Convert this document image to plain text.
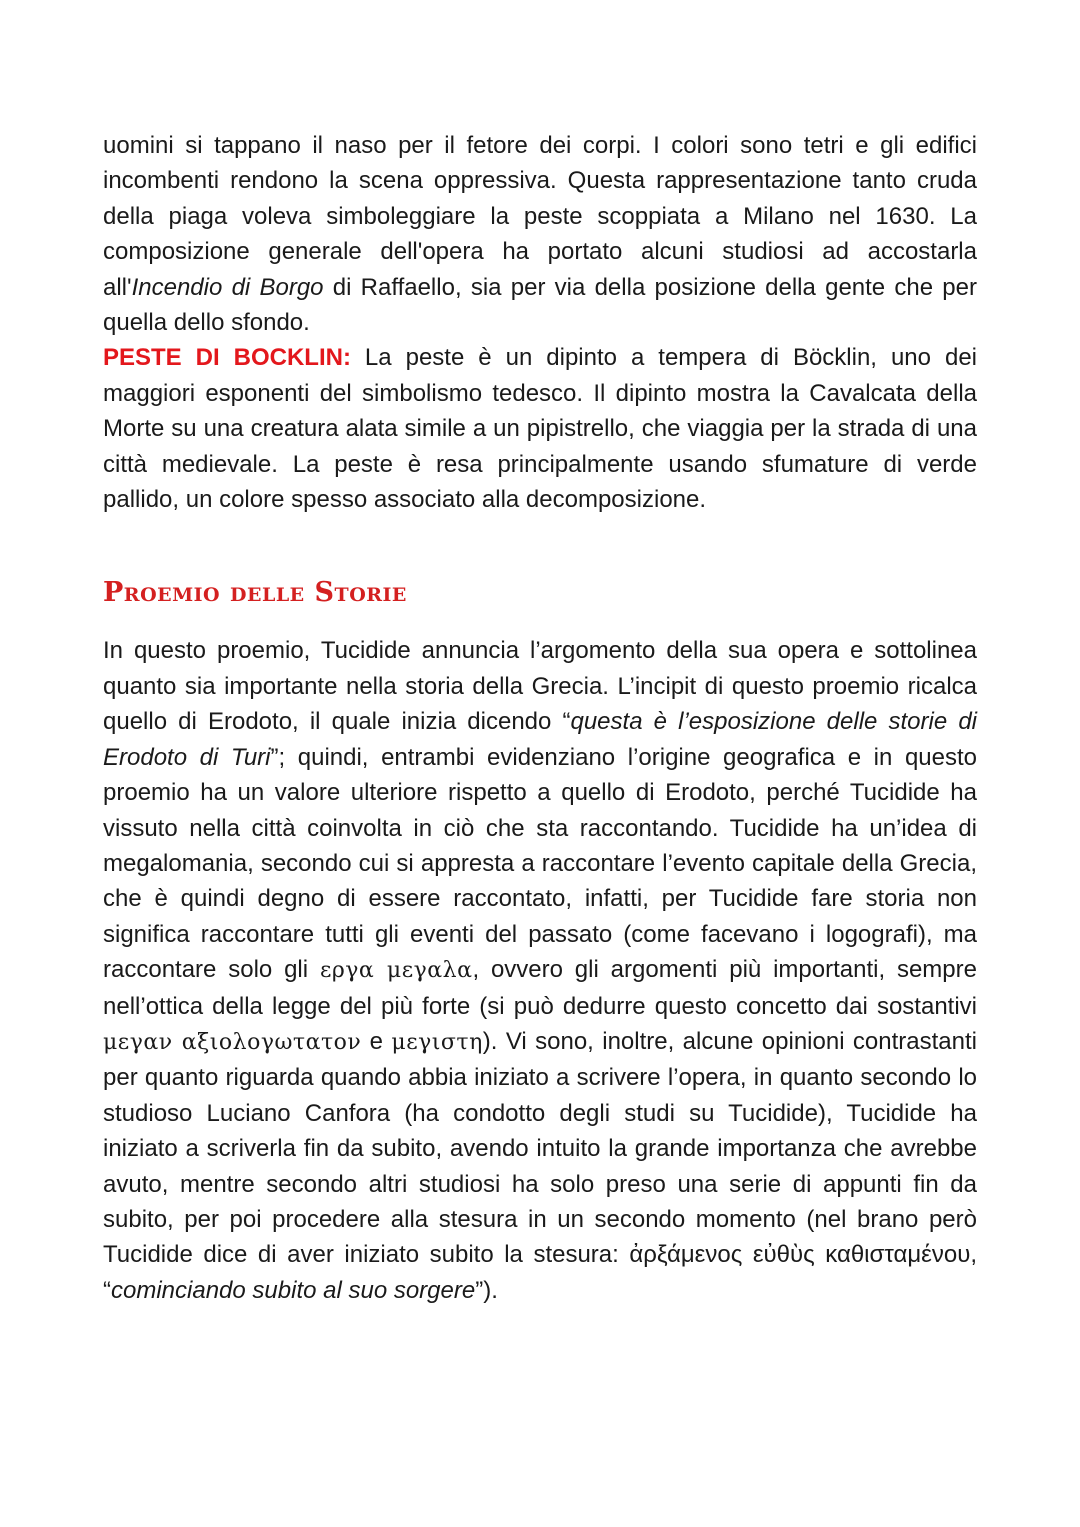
uomini si tappano il naso per il fetore dei corpi. I colori sono tetri e gli edifici incombenti rendono la scena oppressiva. Questa rappresentazione tanto cruda della piaga voleva simboleggiare la peste scoppiata a Milano nel 1630. La composizione generale dell'opera ha portato alcuni studiosi ad accostarla all'Incendio di Borgo di Raffaello, sia per via della posizione della gente che per quella dello sfondo.

PESTE DI BOCKLIN: La peste è un dipinto a tempera di Böcklin, uno dei maggiori esponenti del simbolismo tedesco. Il dipinto mostra la Cavalcata della Morte su una creatura alata simile a un pipistrello, che viaggia per la strada di una città medievale. La peste è resa principalmente usando sfumature di verde pallido, un colore spesso associato alla decomposizione.

Proemio delle Storie

In questo proemio, Tucidide annuncia l’argomento della sua opera e sottolinea quanto sia importante nella storia della Grecia. L’incipit di questo proemio ricalca quello di Erodoto, il quale inizia dicendo “questa è l’esposizione delle storie di Erodoto di Turi”; quindi, entrambi evidenziano l’origine geografica e in questo proemio ha un valore ulteriore rispetto a quello di Erodoto, perché Tucidide ha vissuto nella città coinvolta in ciò che sta raccontando. Tucidide ha un’idea di megalomania, secondo cui si appresta a raccontare l’evento capitale della Grecia, che è quindi degno di essere raccontato, infatti, per Tucidide fare storia non significa raccontare tutti gli eventi del passato (come facevano i logografi), ma raccontare solo gli εργα μεγαλα, ovvero gli argomenti più importanti, sempre nell’ottica della legge del più forte (si può dedurre questo concetto dai sostantivi μεγαν αξιολογωτατον e μεγιστη). Vi sono, inoltre, alcune opinioni contrastanti per quanto riguarda quando abbia iniziato a scrivere l’opera, in quanto secondo lo studioso Luciano Canfora (ha condotto degli studi su Tucidide), Tucidide ha iniziato a scriverla fin da subito, avendo intuito la grande importanza che avrebbe avuto, mentre secondo altri studiosi ha solo preso una serie di appunti fin da subito, per poi procedere alla stesura in un secondo momento (nel brano però Tucidide dice di aver iniziato subito la stesura: ἀρξάμενος εὐθὺς καθισταμένου, “cominciando subito al suo sorgere”).
